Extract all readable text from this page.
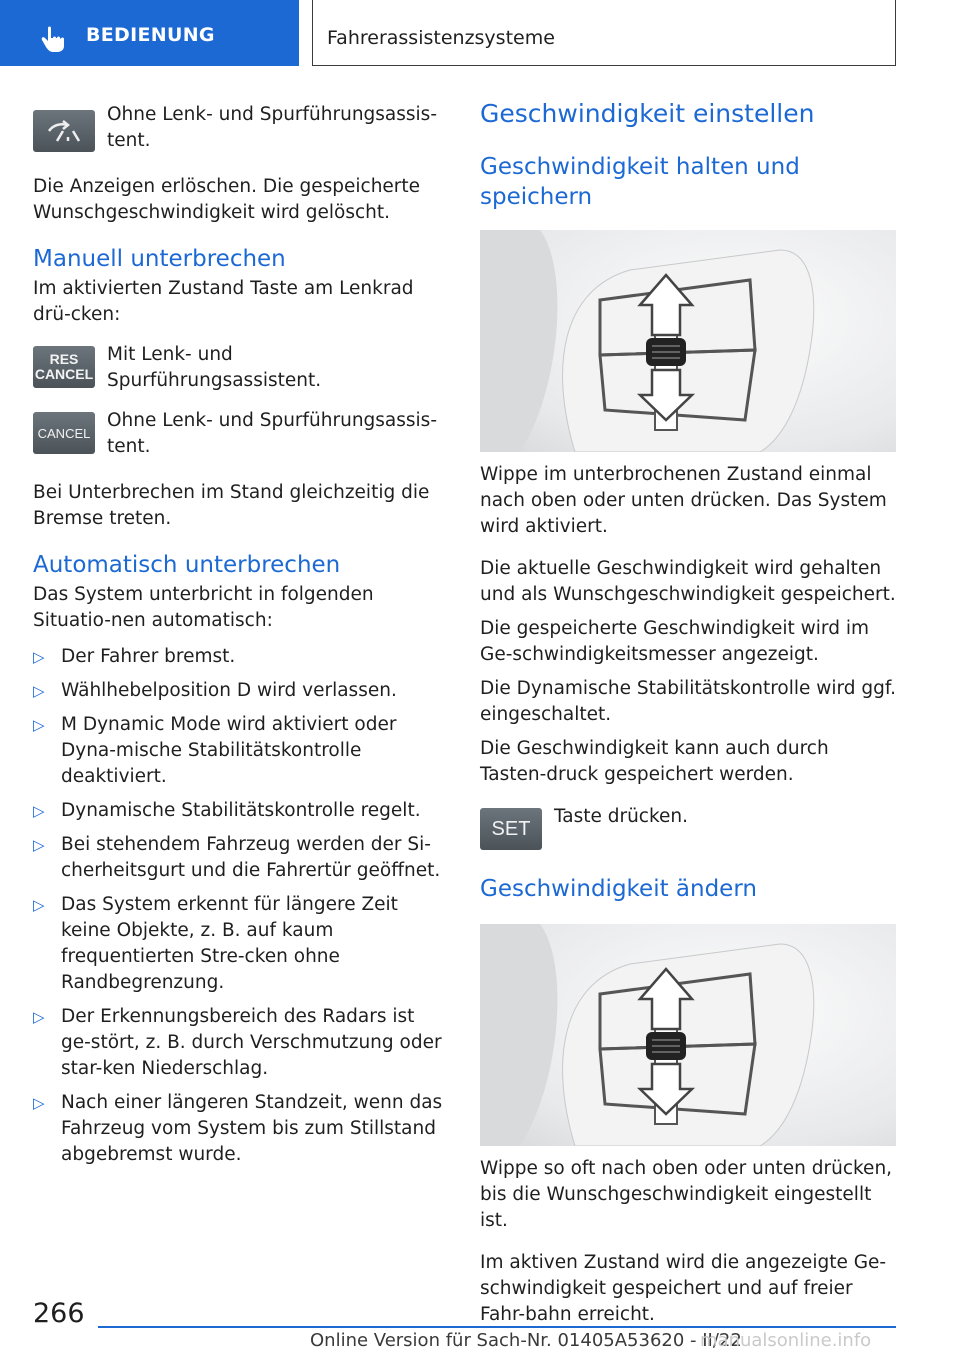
BEDIENUNG	Fahrerassistenzsysteme

Ohne Lenk- und Spurführungsassis-tent.

Die Anzeigen erlöschen. Die gespeicherte Wunschgeschwindigkeit wird gelöscht.

Manuell unterbrechen

Im aktivierten Zustand Taste am Lenkrad drü-cken:

RES
CANCEL

Mit Lenk- und Spurführungsassistent.

CANCEL

Ohne Lenk- und Spurführungsassis-tent.

Bei Unterbrechen im Stand gleichzeitig die Bremse treten.

Automatisch unterbrechen

Das System unterbricht in folgenden Situatio-nen automatisch:

▷ Der Fahrer bremst.
▷ Wählhebelposition D wird verlassen.
▷ M Dynamic Mode wird aktiviert oder Dyna-mische Stabilitätskontrolle deaktiviert.
▷ Dynamische Stabilitätskontrolle regelt.
▷ Bei stehendem Fahrzeug werden der Si-cherheitsgurt und die Fahrertür geöffnet.
▷ Das System erkennt für längere Zeit keine Objekte, z. B. auf kaum frequentierten Stre-cken ohne Randbegrenzung.
▷ Der Erkennungsbereich des Radars ist ge-stört, z. B. durch Verschmutzung oder star-ken Niederschlag.
▷ Nach einer längeren Standzeit, wenn das Fahrzeug vom System bis zum Stillstand abgebremst wurde.
Geschwindigkeit einstellen
Geschwindigkeit halten und speichern

Wippe im unterbrochenen Zustand einmal nach oben oder unten drücken. Das System wird aktiviert.

Die aktuelle Geschwindigkeit wird gehalten und als Wunschgeschwindigkeit gespeichert.

Die gespeicherte Geschwindigkeit wird im Ge-schwindigkeitsmesser angezeigt.

Die Dynamische Stabilitätskontrolle wird ggf. eingeschaltet.

Die Geschwindigkeit kann auch durch Tasten-druck gespeichert werden.

SET

Taste drücken.

Geschwindigkeit ändern

Wippe so oft nach oben oder unten drücken, bis die Wunschgeschwindigkeit eingestellt ist.

Im aktiven Zustand wird die angezeigte Ge-schwindigkeit gespeichert und auf freier Fahr-bahn erreicht.

266
Online Version für Sach-Nr. 01405A53620 - II/22
manualsonline.info
